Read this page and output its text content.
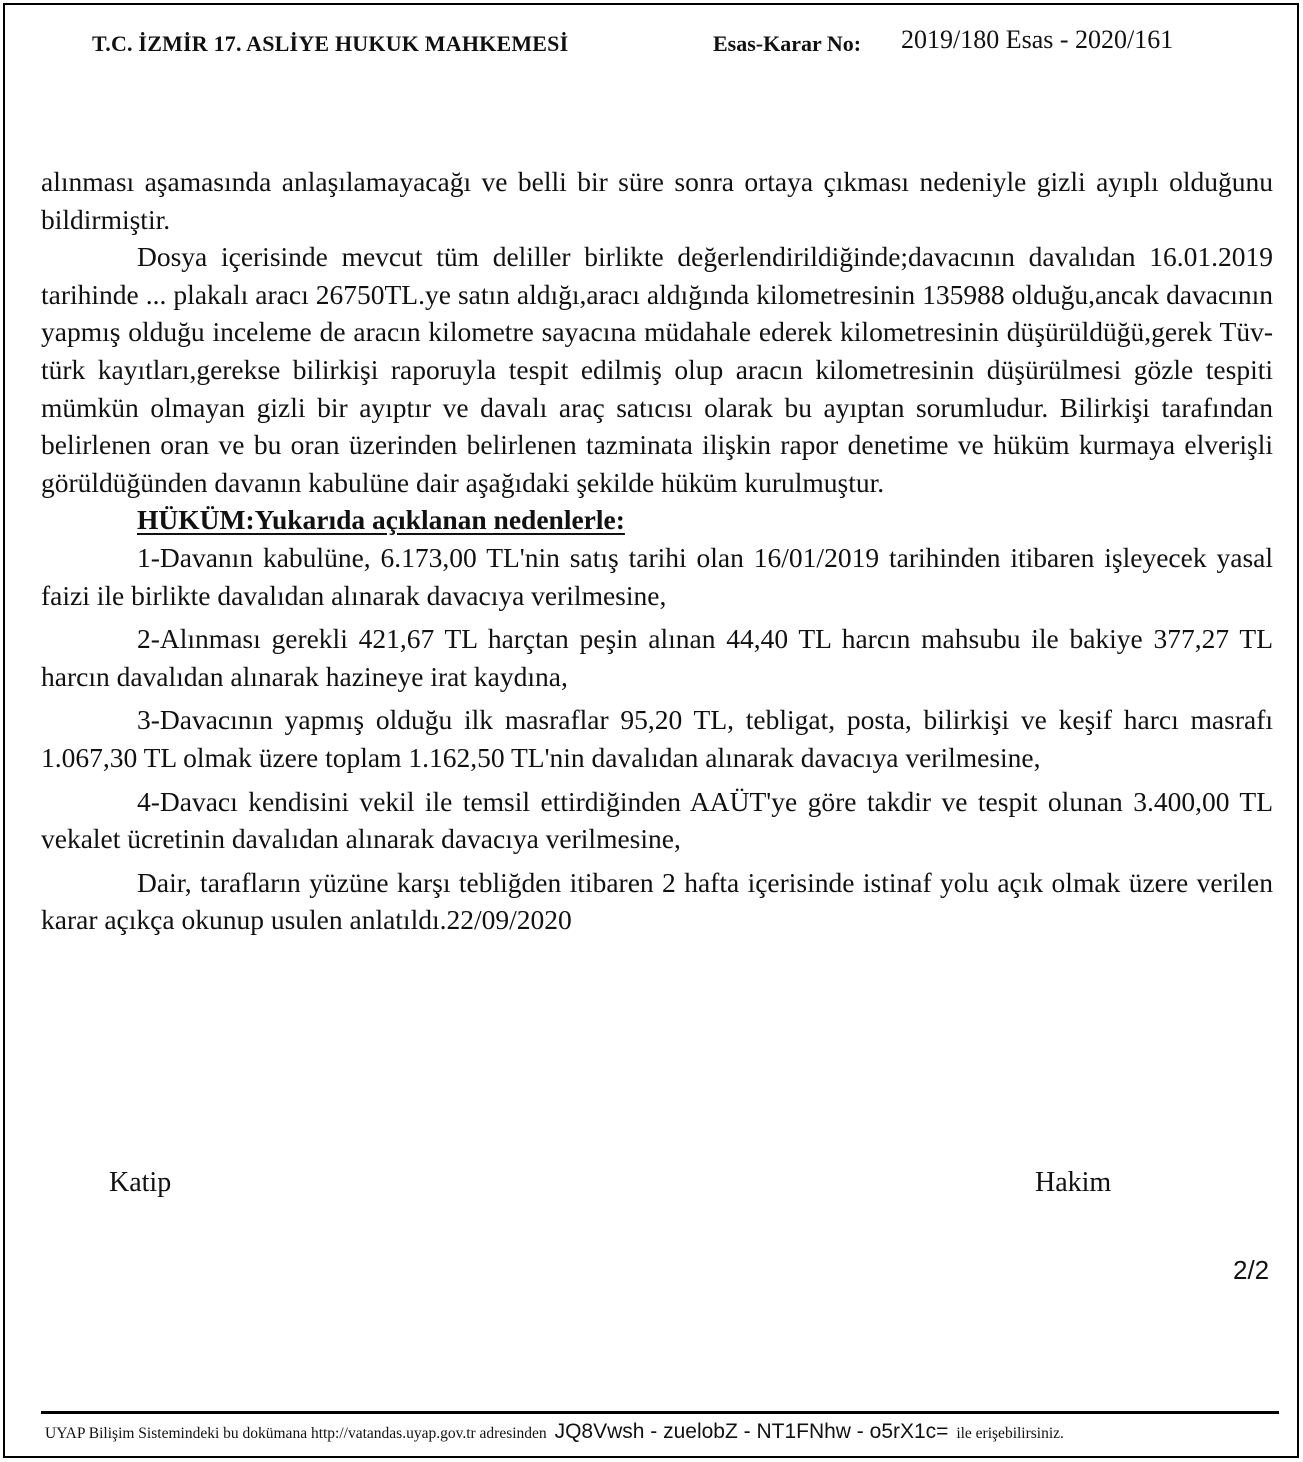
T.C. İZMİR 17. ASLİYE HUKUK MAHKEMESİ	Esas-Karar No: 2019/180 Esas - 2020/161

alınması aşamasında anlaşılamayacağı ve belli bir süre sonra ortaya çıkması nedeniyle gizli ayıplı olduğunu bildirmiştir.

Dosya içerisinde mevcut tüm deliller birlikte değerlendirildiğinde;davacının davalıdan 16.01.2019 tarihinde ... plakalı aracı 26750TL.ye satın aldığı,aracı aldığında kilometresinin 135988 olduğu,ancak davacının yapmış olduğu inceleme de aracın kilometre sayacına müdahale ederek kilometresinin düşürüldüğü,gerek Tüv-türk kayıtları,gerekse bilirkişi raporuyla tespit edilmiş olup aracın kilometresinin düşürülmesi gözle tespiti mümkün olmayan gizli bir ayıptır ve davalı araç satıcısı olarak bu ayıptan sorumludur. Bilirkişi tarafından belirlenen oran ve bu oran üzerinden belirlenen tazminata ilişkin rapor denetime ve hüküm kurmaya elverişli görüldüğünden davanın kabulüne dair aşağıdaki şekilde hüküm kurulmuştur.

HÜKÜM:Yukarıda açıklanan nedenlerle:

1-Davanın kabulüne, 6.173,00 TL'nin satış tarihi olan 16/01/2019 tarihinden itibaren işleyecek yasal faizi ile birlikte davalıdan alınarak davacıya verilmesine,

2-Alınması gerekli 421,67 TL harçtan peşin alınan 44,40 TL harcın mahsubu ile bakiye 377,27 TL harcın davalıdan alınarak hazineye irat kaydına,

3-Davacının yapmış olduğu ilk masraflar 95,20 TL, tebligat, posta, bilirkişi ve keşif harcı masrafı 1.067,30 TL olmak üzere toplam 1.162,50 TL'nin davalıdan alınarak davacıya verilmesine,

4-Davacı kendisini vekil ile temsil ettirdiğinden AAÜT'ye göre takdir ve tespit olunan 3.400,00 TL vekalet ücretinin davalıdan alınarak davacıya verilmesine,

Dair, tarafların yüzüne karşı tebliğden itibaren 2 hafta içerisinde istinaf yolu açık olmak üzere verilen karar açıkça okunup usulen anlatıldı.22/09/2020

Katip	Hakim
2/2
UYAP Bilişim Sistemindeki bu dokümana http://vatandas.uyap.gov.tr adresinden JQ8Vwsh - zuelobZ - NT1FNhw - o5rX1c= ile erişebilirsiniz.
